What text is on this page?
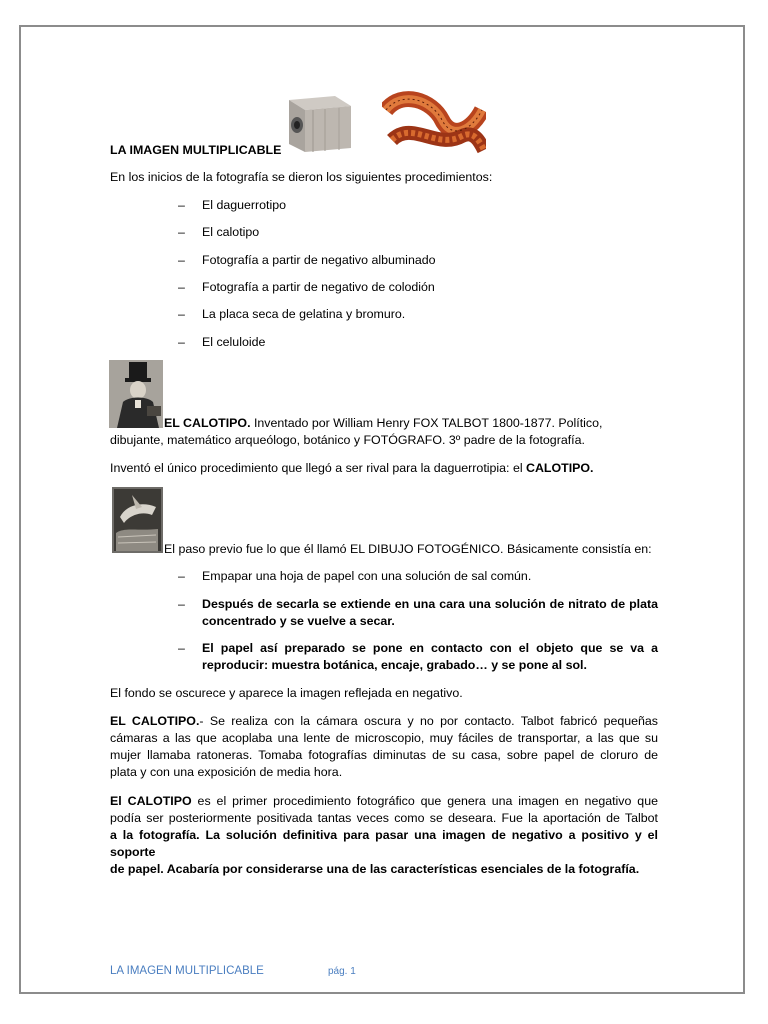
LA IMAGEN MULTIPLICABLE
En los inicios de la fotografía se dieron los siguientes procedimientos:
– El daguerrotipo
– El calotipo
– Fotografía a partir de negativo albuminado
– Fotografía a partir de negativo de colodión
– La placa seca de gelatina y bromuro.
– El celuloide
EL CALOTIPO. Inventado por William Henry FOX TALBOT 1800-1877. Político,
dibujante, matemático arqueólogo, botánico y FOTÓGRAFO. 3º padre de la fotografía.
Inventó el único procedimiento que llegó a ser rival para la daguerrotipia: el CALOTIPO.
El paso previo fue lo que él llamó EL DIBUJO FOTOGÉNICO. Básicamente consistía en:
– Empapar una hoja de papel con una solución de sal común.
– Después de secarla se extiende en una cara una solución de nitrato de plata
concentrado y se vuelve a secar.
– El papel así preparado se pone en contacto con el objeto que se va a
reproducir: muestra botánica, encaje, grabado… y se pone al sol.
El fondo se oscurece y aparece la imagen reflejada en negativo.
EL CALOTIPO.- Se realiza con la cámara oscura y no por contacto. Talbot fabricó pequeñas
cámaras a las que acoplaba una lente de microscopio, muy fáciles de transportar, a las que su
mujer llamaba ratoneras. Tomaba fotografías diminutas de su casa, sobre papel de cloruro de
plata y con una exposición de media hora.
El CALOTIPO es el primer procedimiento fotográfico que genera una imagen en negativo que
podía ser posteriormente positivada tantas veces como se deseara. Fue la aportación de Talbot
a la fotografía. La solución definitiva para pasar una imagen de negativo a positivo y el soporte
de papel. Acabaría por considerarse una de las características esenciales de la fotografía.
LA IMAGEN MULTIPLICABLE	pág. 1
